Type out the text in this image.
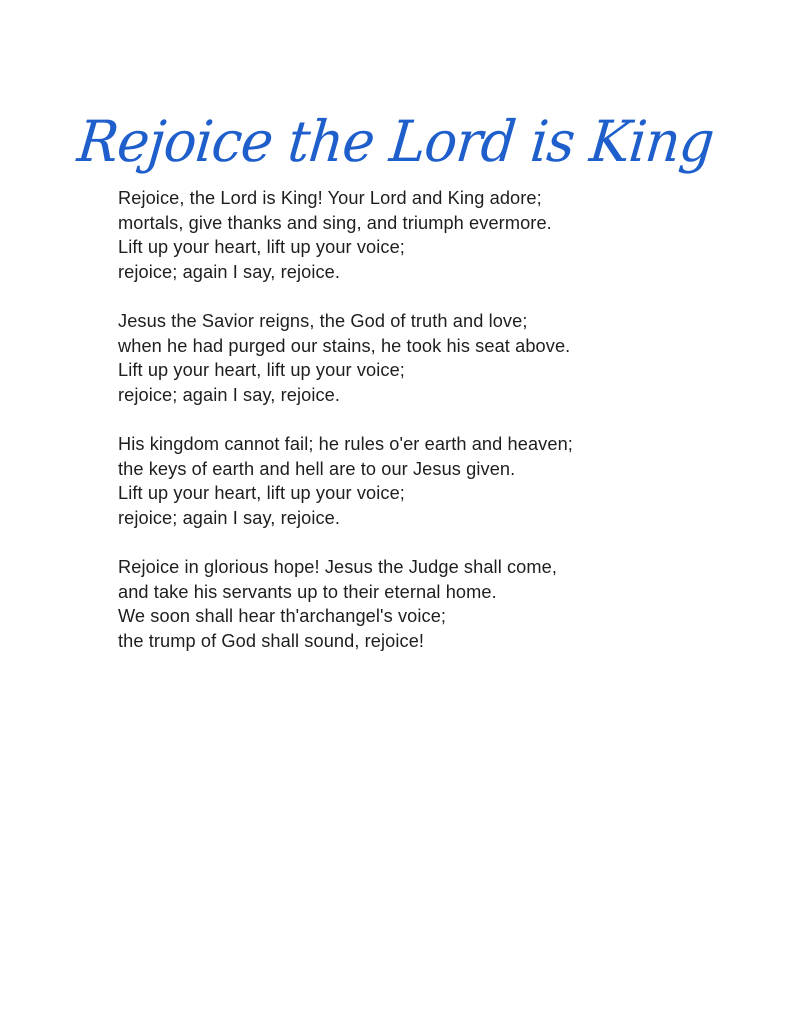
Rejoice the Lord is King
Rejoice, the Lord is King! Your Lord and King adore;
mortals, give thanks and sing, and triumph evermore.
Lift up your heart, lift up your voice;
rejoice; again I say, rejoice.
Jesus the Savior reigns, the God of truth and love;
when he had purged our stains, he took his seat above.
Lift up your heart, lift up your voice;
rejoice; again I say, rejoice.
His kingdom cannot fail; he rules o'er earth and heaven;
the keys of earth and hell are to our Jesus given.
Lift up your heart, lift up your voice;
rejoice; again I say, rejoice.
Rejoice in glorious hope! Jesus the Judge shall come,
and take his servants up to their eternal home.
We soon shall hear th'archangel's voice;
the trump of God shall sound, rejoice!
